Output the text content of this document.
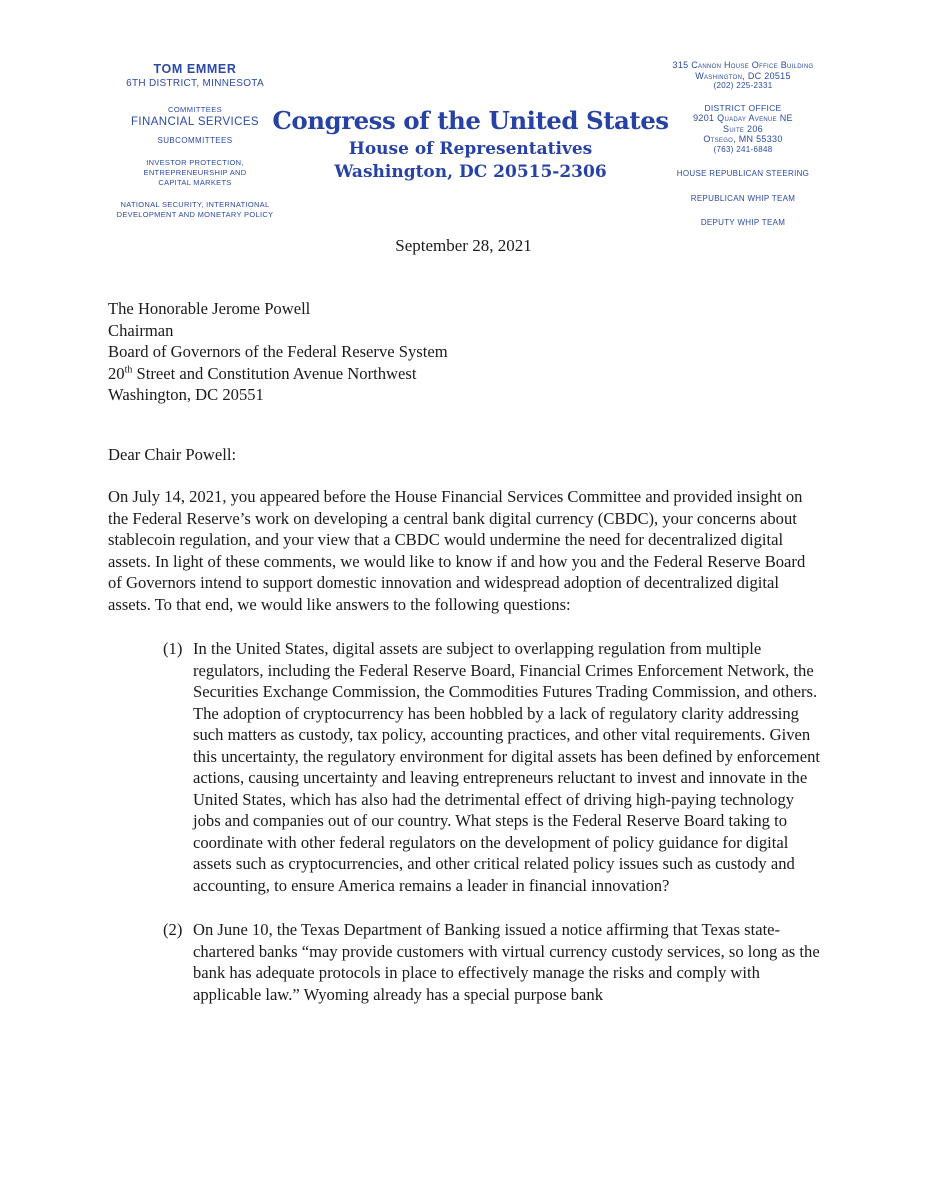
TOM EMMER
6TH DISTRICT, MINNESOTA
COMMITTEES
FINANCIAL SERVICES
SUBCOMMITTEES
INVESTOR PROTECTION,
ENTREPRENEURSHIP AND
CAPITAL MARKETS
NATIONAL SECURITY, INTERNATIONAL
DEVELOPMENT AND MONETARY POLICY
Congress of the United States
House of Representatives
Washington, DC 20515-2306
315 Cannon House Office Building
Washington, DC 20515
(202) 225-2331
DISTRICT OFFICE
9201 Quaday Avenue NE
Suite 206
Otsego, MN 55330
(763) 241-6848
HOUSE REPUBLICAN STEERING
REPUBLICAN WHIP TEAM
DEPUTY WHIP TEAM
September 28, 2021
The Honorable Jerome Powell
Chairman
Board of Governors of the Federal Reserve System
20th Street and Constitution Avenue Northwest
Washington, DC 20551
Dear Chair Powell:
On July 14, 2021, you appeared before the House Financial Services Committee and provided insight on the Federal Reserve’s work on developing a central bank digital currency (CBDC), your concerns about stablecoin regulation, and your view that a CBDC would undermine the need for decentralized digital assets. In light of these comments, we would like to know if and how you and the Federal Reserve Board of Governors intend to support domestic innovation and widespread adoption of decentralized digital assets. To that end, we would like answers to the following questions:
(1) In the United States, digital assets are subject to overlapping regulation from multiple regulators, including the Federal Reserve Board, Financial Crimes Enforcement Network, the Securities Exchange Commission, the Commodities Futures Trading Commission, and others. The adoption of cryptocurrency has been hobbled by a lack of regulatory clarity addressing such matters as custody, tax policy, accounting practices, and other vital requirements. Given this uncertainty, the regulatory environment for digital assets has been defined by enforcement actions, causing uncertainty and leaving entrepreneurs reluctant to invest and innovate in the United States, which has also had the detrimental effect of driving high-paying technology jobs and companies out of our country. What steps is the Federal Reserve Board taking to coordinate with other federal regulators on the development of policy guidance for digital assets such as cryptocurrencies, and other critical related policy issues such as custody and accounting, to ensure America remains a leader in financial innovation?
(2) On June 10, the Texas Department of Banking issued a notice affirming that Texas state-chartered banks “may provide customers with virtual currency custody services, so long as the bank has adequate protocols in place to effectively manage the risks and comply with applicable law.” Wyoming already has a special purpose bank
